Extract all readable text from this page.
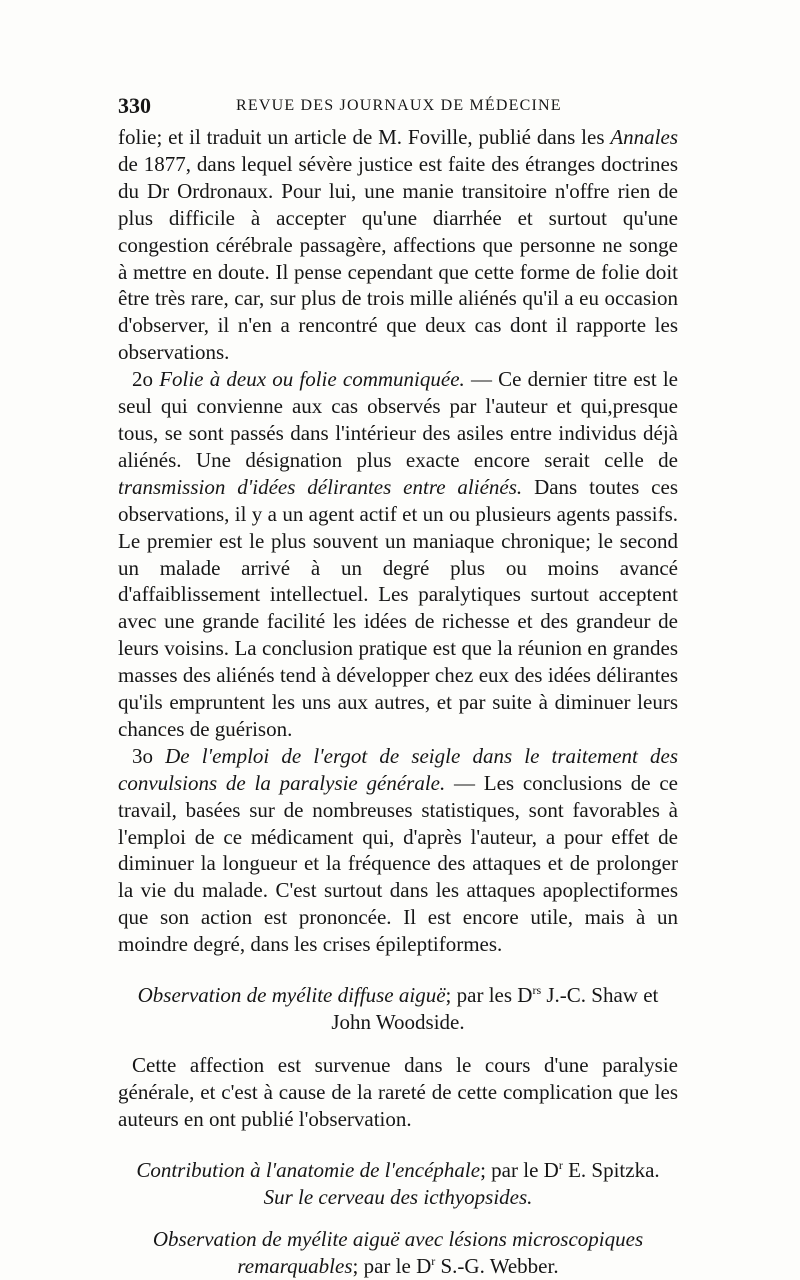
330	REVUE DES JOURNAUX DE MÉDECINE

folie; et il traduit un article de M. Foville, publié dans les Annales de 1877, dans lequel sévère justice est faite des étranges doctrines du Dr Ordronaux. Pour lui, une manie transitoire n'offre rien de plus difficile à accepter qu'une diarrhée et surtout qu'une congestion cérébrale passagère, affections que personne ne songe à mettre en doute. Il pense cependant que cette forme de folie doit être très rare, car, sur plus de trois mille aliénés qu'il a eu occasion d'observer, il n'en a rencontré que deux cas dont il rapporte les observations.

2o Folie à deux ou folie communiquée. — Ce dernier titre est le seul qui convienne aux cas observés par l'auteur et qui,presque tous, se sont passés dans l'intérieur des asiles entre individus déjà aliénés. Une désignation plus exacte encore serait celle de transmission d'idées délirantes entre aliénés. Dans toutes ces observations, il y a un agent actif et un ou plusieurs agents passifs. Le premier est le plus souvent un maniaque chronique; le second un malade arrivé à un degré plus ou moins avancé d'affaiblissement intellectuel. Les paralytiques surtout acceptent avec une grande facilité les idées de richesse et des grandeur de leurs voisins. La conclusion pratique est que la réunion en grandes masses des aliénés tend à développer chez eux des idées délirantes qu'ils empruntent les uns aux autres, et par suite à diminuer leurs chances de guérison.

3o De l'emploi de l'ergot de seigle dans le traitement des convulsions de la paralysie générale. — Les conclusions de ce travail, basées sur de nombreuses statistiques, sont favorables à l'emploi de ce médicament qui, d'après l'auteur, a pour effet de diminuer la longueur et la fréquence des attaques et de prolonger la vie du malade. C'est surtout dans les attaques apoplectiformes que son action est prononcée. Il est encore utile, mais à un moindre degré, dans les crises épileptiformes.

Observation de myélite diffuse aiguë; par les $D^{rs}$ J.-C. Shaw et John Woodside.

Cette affection est survenue dans le cours d'une paralysie générale, et c'est à cause de la rareté de cette complication que les auteurs en ont publié l'observation.

Contribution à l'anatomie de l'encéphale; par le $D^r$ E. Spitzka.

Sur le cerveau des icthyopsides.

Observation de myélite aiguë avec lésions microscopiques remarquables; par le $D^r$ S.-G. Webber.
